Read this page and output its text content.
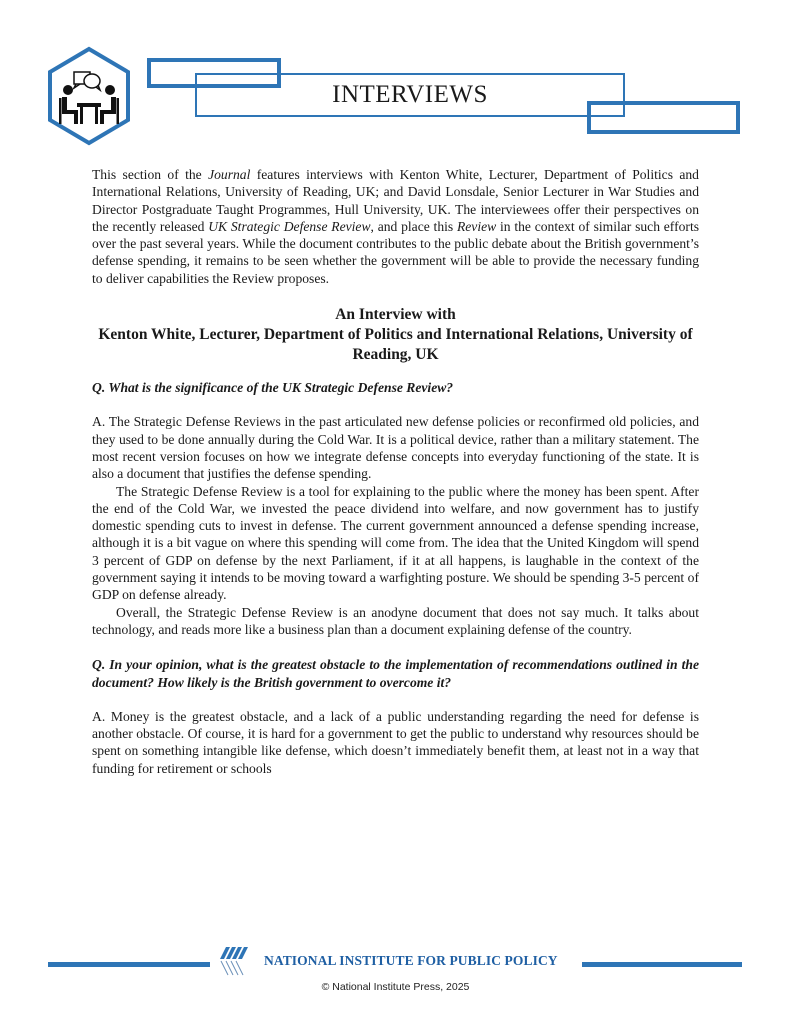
INTERVIEWS

This section of the Journal features interviews with Kenton White, Lecturer, Department of Politics and International Relations, University of Reading, UK; and David Lonsdale, Senior Lecturer in War Studies and Director Postgraduate Taught Programmes, Hull University, UK. The interviewees offer their perspectives on the recently released UK Strategic Defense Review, and place this Review in the context of similar such efforts over the past several years. While the document contributes to the public debate about the British government’s defense spending, it remains to be seen whether the government will be able to provide the necessary funding to deliver capabilities the Review proposes.

An Interview with
Kenton White, Lecturer, Department of Politics and International Relations, University of Reading, UK

Q. What is the significance of the UK Strategic Defense Review?

A. The Strategic Defense Reviews in the past articulated new defense policies or reconfirmed old policies, and they used to be done annually during the Cold War. It is a political device, rather than a military statement. The most recent version focuses on how we integrate defense concepts into everyday functioning of the state. It is also a document that justifies the defense spending.

The Strategic Defense Review is a tool for explaining to the public where the money has been spent. After the end of the Cold War, we invested the peace dividend into welfare, and now government has to justify domestic spending cuts to invest in defense. The current government announced a defense spending increase, although it is a bit vague on where this spending will come from. The idea that the United Kingdom will spend 3 percent of GDP on defense by the next Parliament, if it at all happens, is laughable in the context of the government saying it intends to be moving toward a warfighting posture. We should be spending 3-5 percent of GDP on defense already.

Overall, the Strategic Defense Review is an anodyne document that does not say much. It talks about technology, and reads more like a business plan than a document explaining defense of the country.

Q. In your opinion, what is the greatest obstacle to the implementation of recommendations outlined in the document? How likely is the British government to overcome it?

A. Money is the greatest obstacle, and a lack of a public understanding regarding the need for defense is another obstacle. Of course, it is hard for a government to get the public to understand why resources should be spent on something intangible like defense, which doesn’t immediately benefit them, at least not in a way that funding for retirement or schools

NATIONAL INSTITUTE FOR PUBLIC POLICY
© National Institute Press, 2025
